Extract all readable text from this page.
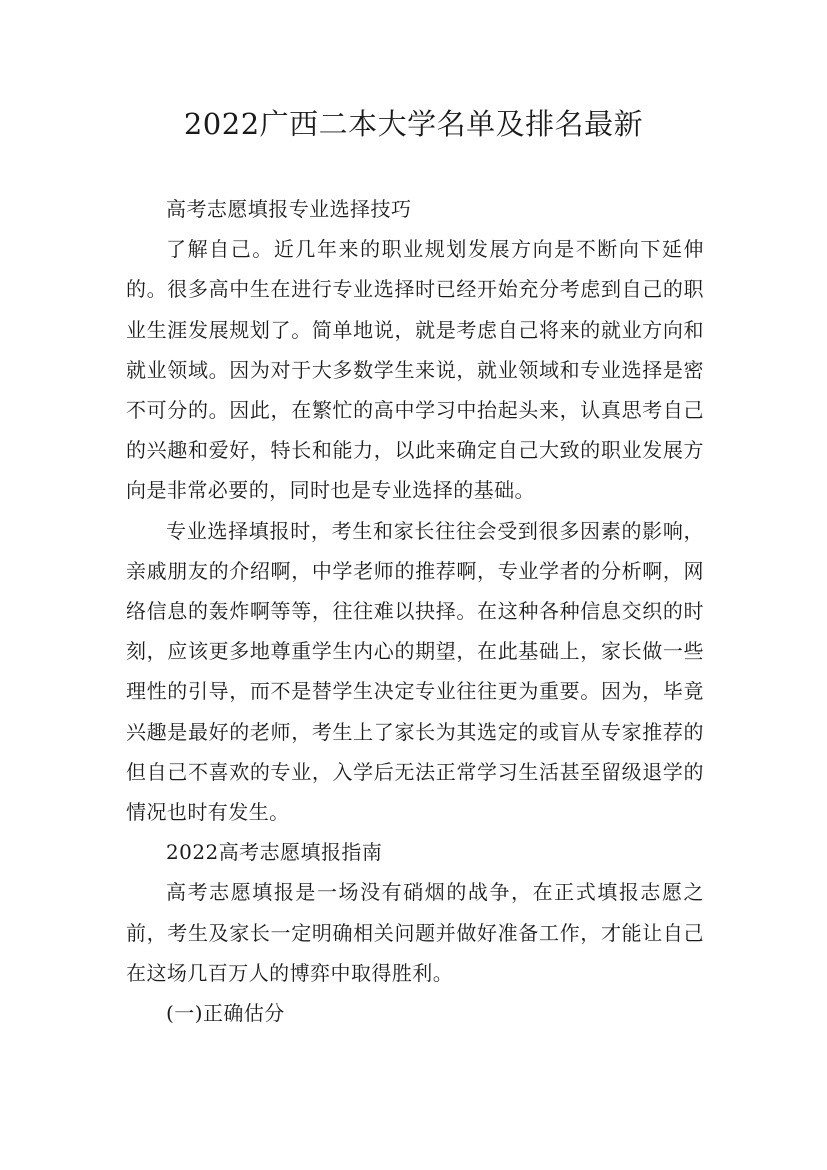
2022广西二本大学名单及排名最新

高考志愿填报专业选择技巧

了解自己。近几年来的职业规划发展方向是不断向下延伸的。很多高中生在进行专业选择时已经开始充分考虑到自己的职业生涯发展规划了。简单地说，就是考虑自己将来的就业方向和就业领域。因为对于大多数学生来说，就业领域和专业选择是密不可分的。因此，在繁忙的高中学习中抬起头来，认真思考自己的兴趣和爱好，特长和能力，以此来确定自己大致的职业发展方向是非常必要的，同时也是专业选择的基础。

专业选择填报时，考生和家长往往会受到很多因素的影响，亲戚朋友的介绍啊，中学老师的推荐啊，专业学者的分析啊，网络信息的轰炸啊等等，往往难以抉择。在这种各种信息交织的时刻，应该更多地尊重学生内心的期望，在此基础上，家长做一些理性的引导，而不是替学生决定专业往往更为重要。因为，毕竟兴趣是最好的老师，考生上了家长为其选定的或盲从专家推荐的但自己不喜欢的专业，入学后无法正常学习生活甚至留级退学的情况也时有发生。

2022高考志愿填报指南

高考志愿填报是一场没有硝烟的战争，在正式填报志愿之前，考生及家长一定明确相关问题并做好准备工作，才能让自己在这场几百万人的博弈中取得胜利。

(一)正确估分
